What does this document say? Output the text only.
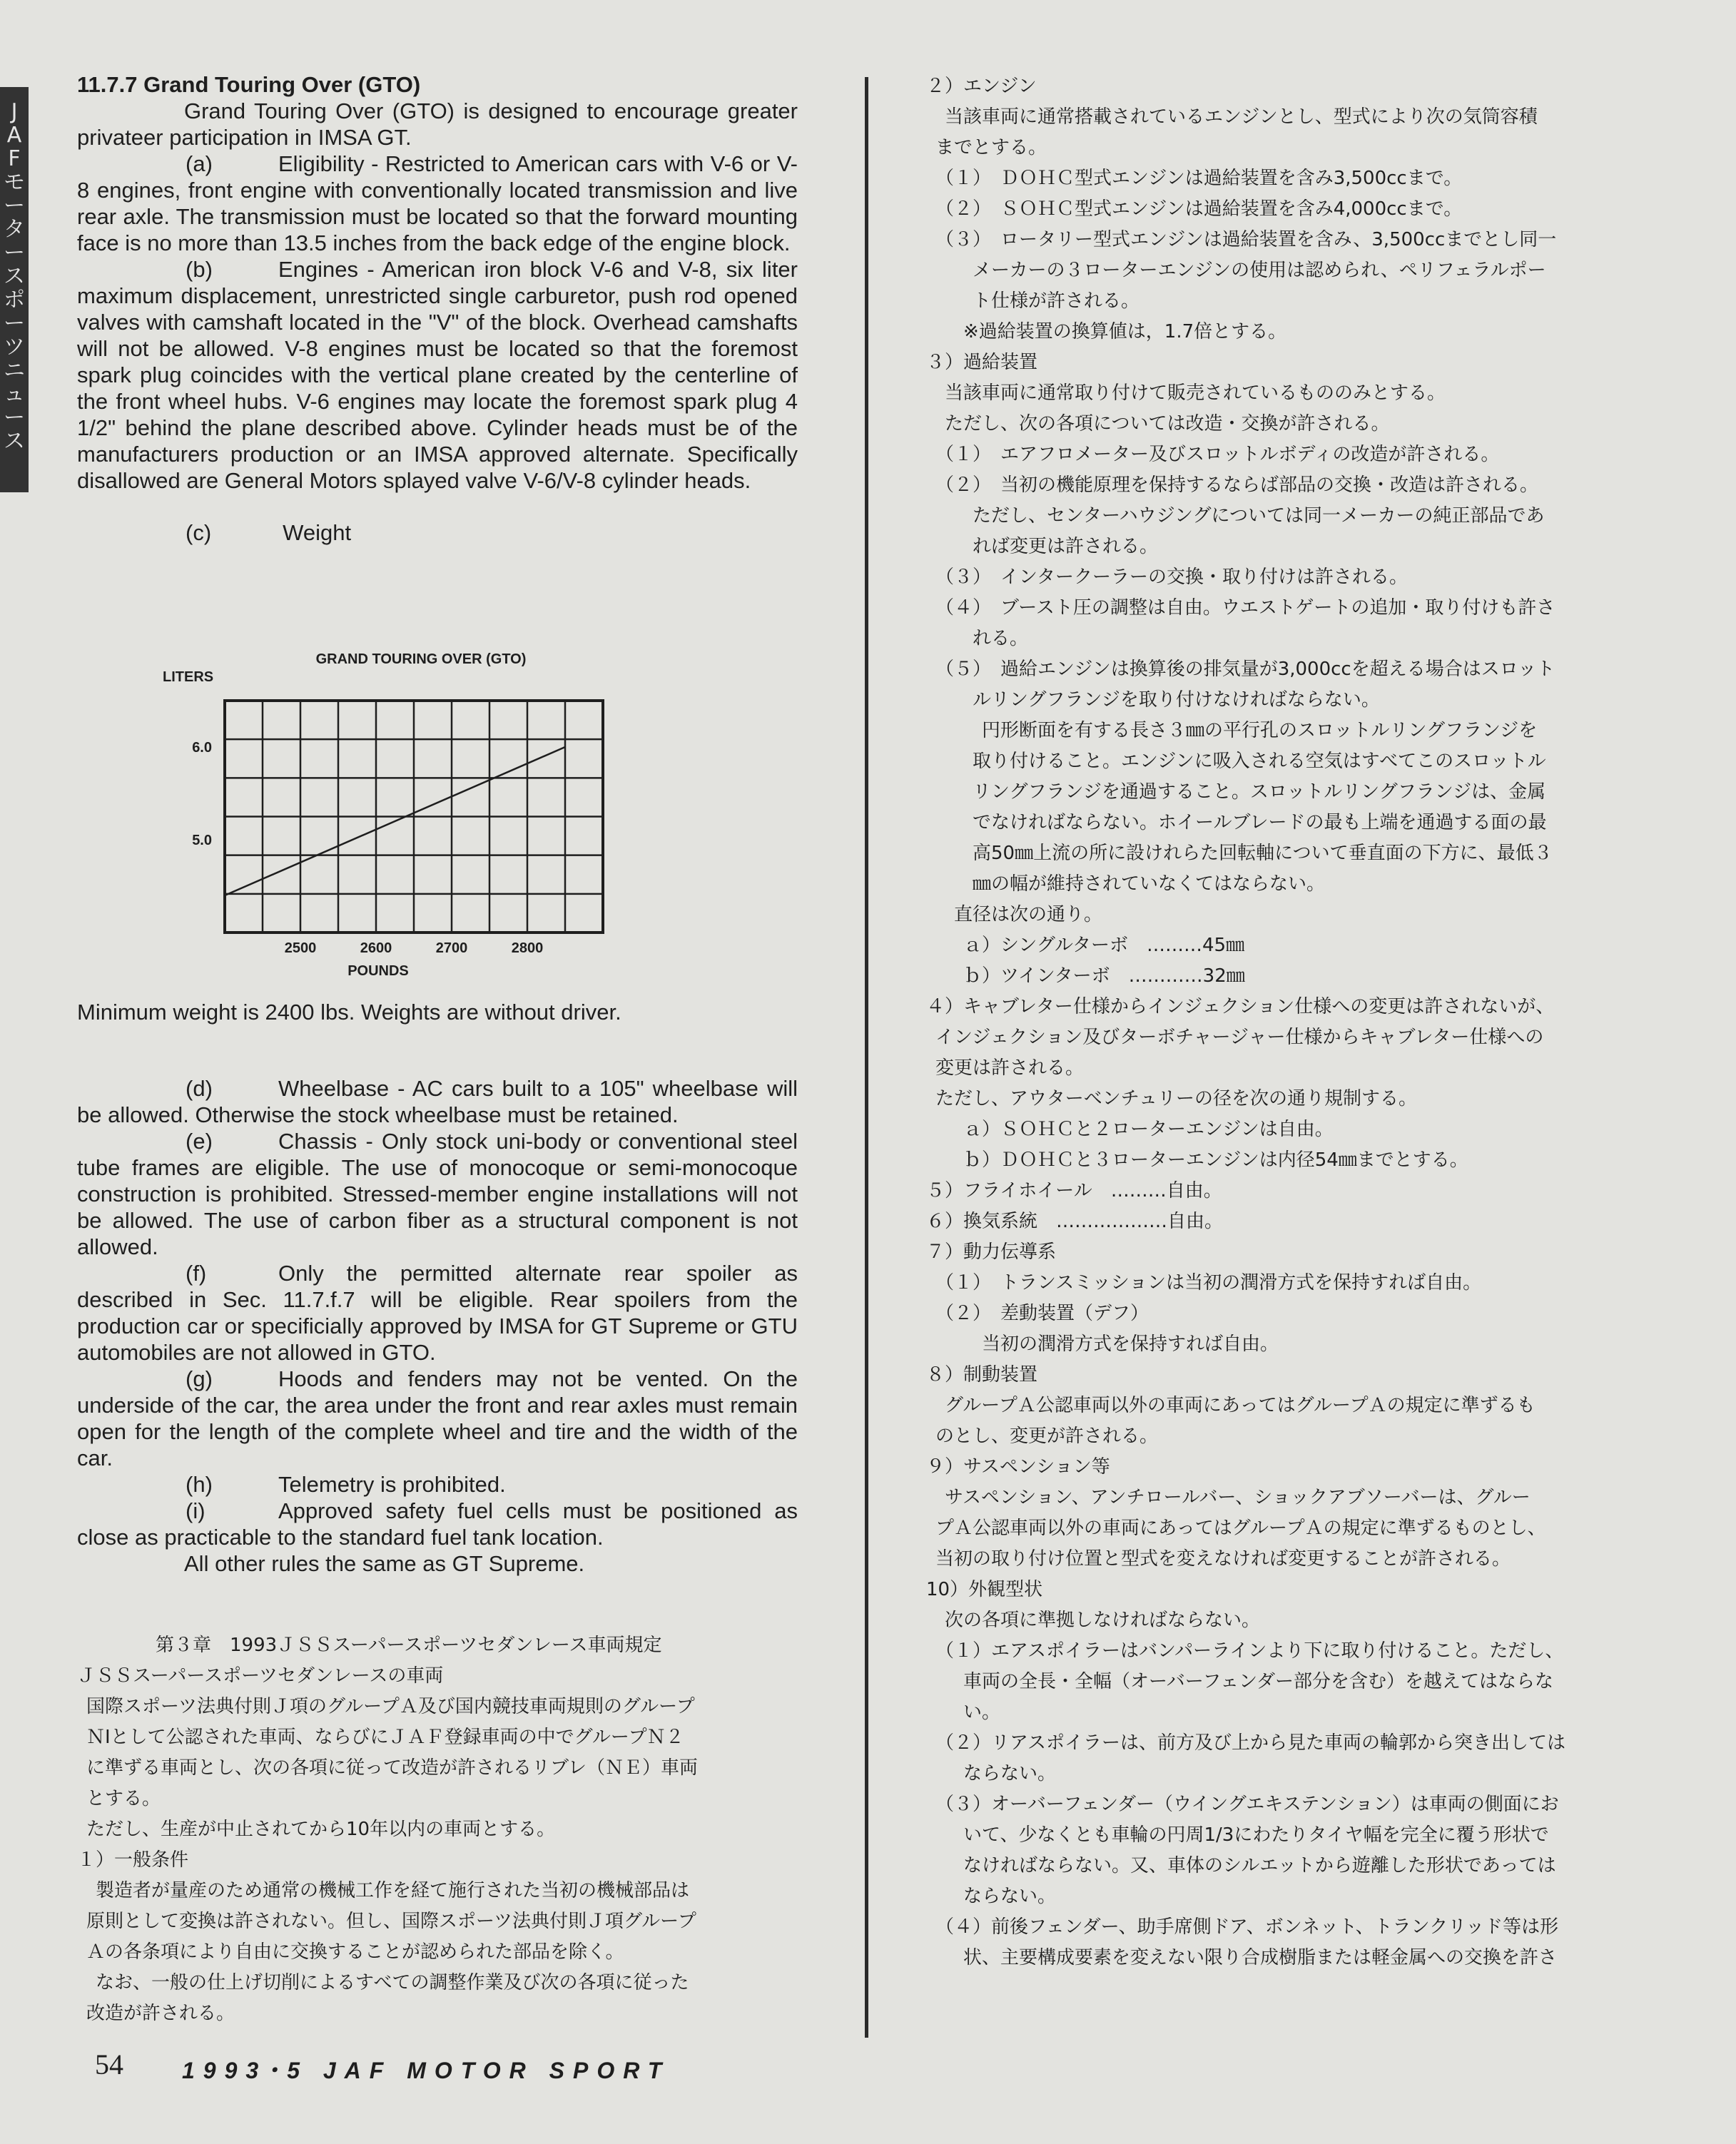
J
A
F
モ
ー
タ
ー
ス
ポ
ー
ツ
ニ
ュ
ー
ス
11.7.7 Grand Touring Over (GTO)
Grand Touring Over (GTO) is designed to encourage greater privateer participation in IMSA GT.
(a)	Eligibility - Restricted to American cars with V-6 or V-8 engines, front engine with conventionally located transmission and live rear axle. The transmission must be located so that the forward mounting face is no more than 13.5 inches from the back edge of the engine block.
(b)	Engines - American iron block V-6 and V-8, six liter maximum displacement, unrestricted single carburetor, push rod opened valves with camshaft located in the "V" of the block. Overhead camshafts will not be allowed. V-8 engines must be located so that the foremost spark plug coincides with the vertical plane created by the centerline of the front wheel hubs. V-6 engines may locate the foremost spark plug 4 1/2" behind the plane described above. Cylinder heads must be of the manufacturers production or an IMSA approved alternate. Specifically disallowed are General Motors splayed valve V-6/V-8 cylinder heads.
(c)	Weight
GRAND TOURING OVER (GTO)
LITERS
POUNDS
2500	2600	2700	2800
6.0
5.0
Minimum weight is 2400 lbs. Weights are without driver.
(d)	Wheelbase - AC cars built to a 105" wheelbase will be allowed. Otherwise the stock wheelbase must be retained.
(e)	Chassis - Only stock uni-body or conventional steel tube frames are eligible. The use of monocoque or semi-monocoque construction is prohibited. Stressed-member engine installations will not be allowed. The use of carbon fiber as a structural component is not allowed.
(f)	Only the permitted alternate rear spoiler as described in Sec. 11.7.f.7 will be eligible. Rear spoilers from the production car or specificially approved by IMSA for GT Supreme or GTU automobiles are not allowed in GTO.
(g)	Hoods and fenders may not be vented. On the underside of the car, the area under the front and rear axles must remain open for the length of the complete wheel and tire and the width of the car.
(h)	Telemetry is prohibited.
(i)	Approved safety fuel cells must be positioned as close as practicable to the standard fuel tank location.
All other rules the same as GT Supreme.
第３章　1993ＪＳＳスーパースポーツセダンレース車両規定
ＪＳＳスーパースポーツセダンレースの車両
国際スポーツ法典付則Ｊ項のグループＡ及び国内競技車両規則のグループ
ＮⅠとして公認された車両、ならびにＪＡＦ登録車両の中でグループＮ２
に準ずる車両とし、次の各項に従って改造が許されるリブレ（ＮＥ）車両
とする。
ただし、生産が中止されてから10年以内の車両とする。
１）一般条件
製造者が量産のため通常の機械工作を経て施行された当初の機械部品は
原則として変換は許されない。但し、国際スポーツ法典付則Ｊ項グループ
Ａの各条項により自由に交換することが認められた部品を除く。
なお、一般の仕上げ切削によるすべての調整作業及び次の各項に従った
改造が許される。
２）エンジン
当該車両に通常搭載されているエンジンとし、型式により次の気筒容積
までとする。
（１）　ＤＯＨＣ型式エンジンは過給装置を含み3,500ccまで。
（２）　ＳＯＨＣ型式エンジンは過給装置を含み4,000ccまで。
（３）　ロータリー型式エンジンは過給装置を含み、3,500ccまでとし同一
メーカーの３ローターエンジンの使用は認められ、ペリフェラルポー
ト仕様が許される。
※過給装置の換算値は，1.7倍とする。
３）過給装置
当該車両に通常取り付けて販売されているもののみとする。
ただし、次の各項については改造・交換が許される。
（１）　エアフロメーター及びスロットルボディの改造が許される。
（２）　当初の機能原理を保持するならば部品の交換・改造は許される。
ただし、センターハウジングについては同一メーカーの純正部品であ
れば変更は許される。
（３）　インタークーラーの交換・取り付けは許される。
（４）　ブースト圧の調整は自由。ウエストゲートの追加・取り付けも許さ
れる。
（５）　過給エンジンは換算後の排気量が3,000ccを超える場合はスロット
ルリングフランジを取り付けなければならない。
円形断面を有する長さ３㎜の平行孔のスロットルリングフランジを
取り付けること。エンジンに吸入される空気はすべてこのスロットル
リングフランジを通過すること。スロットルリングフランジは、金属
でなければならない。ホイールブレードの最も上端を通過する面の最
高50㎜上流の所に設けれらた回転軸について垂直面の下方に、最低３
㎜の幅が維持されていなくてはならない。
直径は次の通り。
ａ）シングルターボ　………45㎜
ｂ）ツインターボ　…………32㎜
４）キャブレター仕様からインジェクション仕様への変更は許されないが、
インジェクション及びターボチャージャー仕様からキャブレター仕様への
変更は許される。
ただし、アウターベンチュリーの径を次の通り規制する。
ａ）ＳＯＨＣと２ローターエンジンは自由。
ｂ）ＤＯＨＣと３ローターエンジンは内径54㎜までとする。
５）フライホイール　………自由。
６）換気系統　………………自由。
７）動力伝導系
（１）　トランスミッションは当初の潤滑方式を保持すれば自由。
（２）　差動装置（デフ）
当初の潤滑方式を保持すれば自由。
８）制動装置
グループＡ公認車両以外の車両にあってはグループＡの規定に準ずるも
のとし、変更が許される。
９）サスペンション等
サスペンション、アンチロールバー、ショックアブソーバーは、グルー
プＡ公認車両以外の車両にあってはグループＡの規定に準ずるものとし、
当初の取り付け位置と型式を変えなければ変更することが許される。
10）外観型状
次の各項に準拠しなければならない。
（１）エアスポイラーはバンパーラインより下に取り付けること。ただし、
車両の全長・全幅（オーバーフェンダー部分を含む）を越えてはならな
い。
（２）リアスポイラーは、前方及び上から見た車両の輪郭から突き出しては
ならない。
（３）オーバーフェンダー（ウイングエキステンション）は車両の側面にお
いて、少なくとも車輪の円周1/3にわたりタイヤ幅を完全に覆う形状で
なければならない。又、車体のシルエットから遊離した形状であっては
ならない。
（４）前後フェンダー、助手席側ドア、ボンネット、トランクリッド等は形
状、主要構成要素を変えない限り合成樹脂または軽金属への交換を許さ
54	1993･5 JAF MOTOR SPORT
